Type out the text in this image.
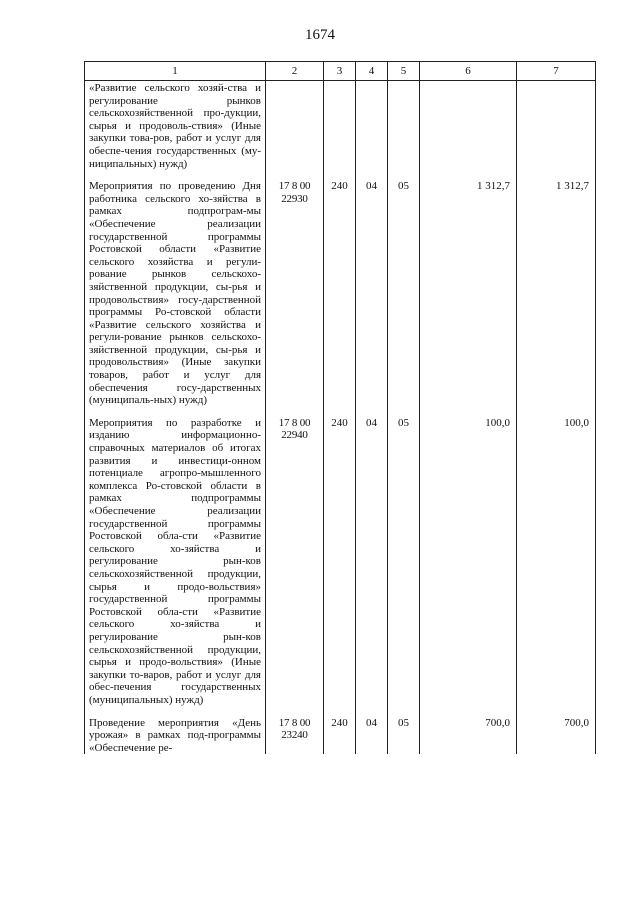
1674
1	2	3	4	5	6	7
«Развитие сельского хозяй-ства и регулирование рынков сельскохозяйственной про-дукции, сырья и продоволь-ствия» (Иные закупки това-ров, работ и услуг для обеспе-чения государственных (му-ниципальных) нужд)						

Мероприятия по проведению Дня работника сельского хо-зяйства в рамках подпрограм-мы «Обеспечение реализации государственной программы Ростовской области «Развитие сельского хозяйства и регули-рование рынков сельскохо-зяйственной продукции, сы-рья и продовольствия» госу-дарственной программы Ро-стовской области «Развитие сельского хозяйства и регули-рование рынков сельскохо-зяйственной продукции, сы-рья и продовольствия» (Иные закупки товаров, работ и услуг для обеспечения госу-дарственных (муниципаль-ных) нужд)	17 8 00 22930	240	04	05	1 312,7	1 312,7

Мероприятия по разработке и изданию информационно-справочных материалов об итогах развития и инвестици-онном потенциале агропро-мышленного комплекса Ро-стовской области в рамках подпрограммы «Обеспечение реализации государственной программы Ростовской обла-сти «Развитие сельского хо-зяйства и регулирование рын-ков сельскохозяйственной продукции, сырья и продо-вольствия» государственной программы Ростовской обла-сти «Развитие сельского хо-зяйства и регулирование рын-ков сельскохозяйственной продукции, сырья и продо-вольствия» (Иные закупки то-варов, работ и услуг для обес-печения государственных (муниципальных) нужд)	17 8 00 22940	240	04	05	100,0	100,0

Проведение мероприятия «День урожая» в рамках под-программы «Обеспечение ре-	17 8 00 23240	240	04	05	700,0	700,0
